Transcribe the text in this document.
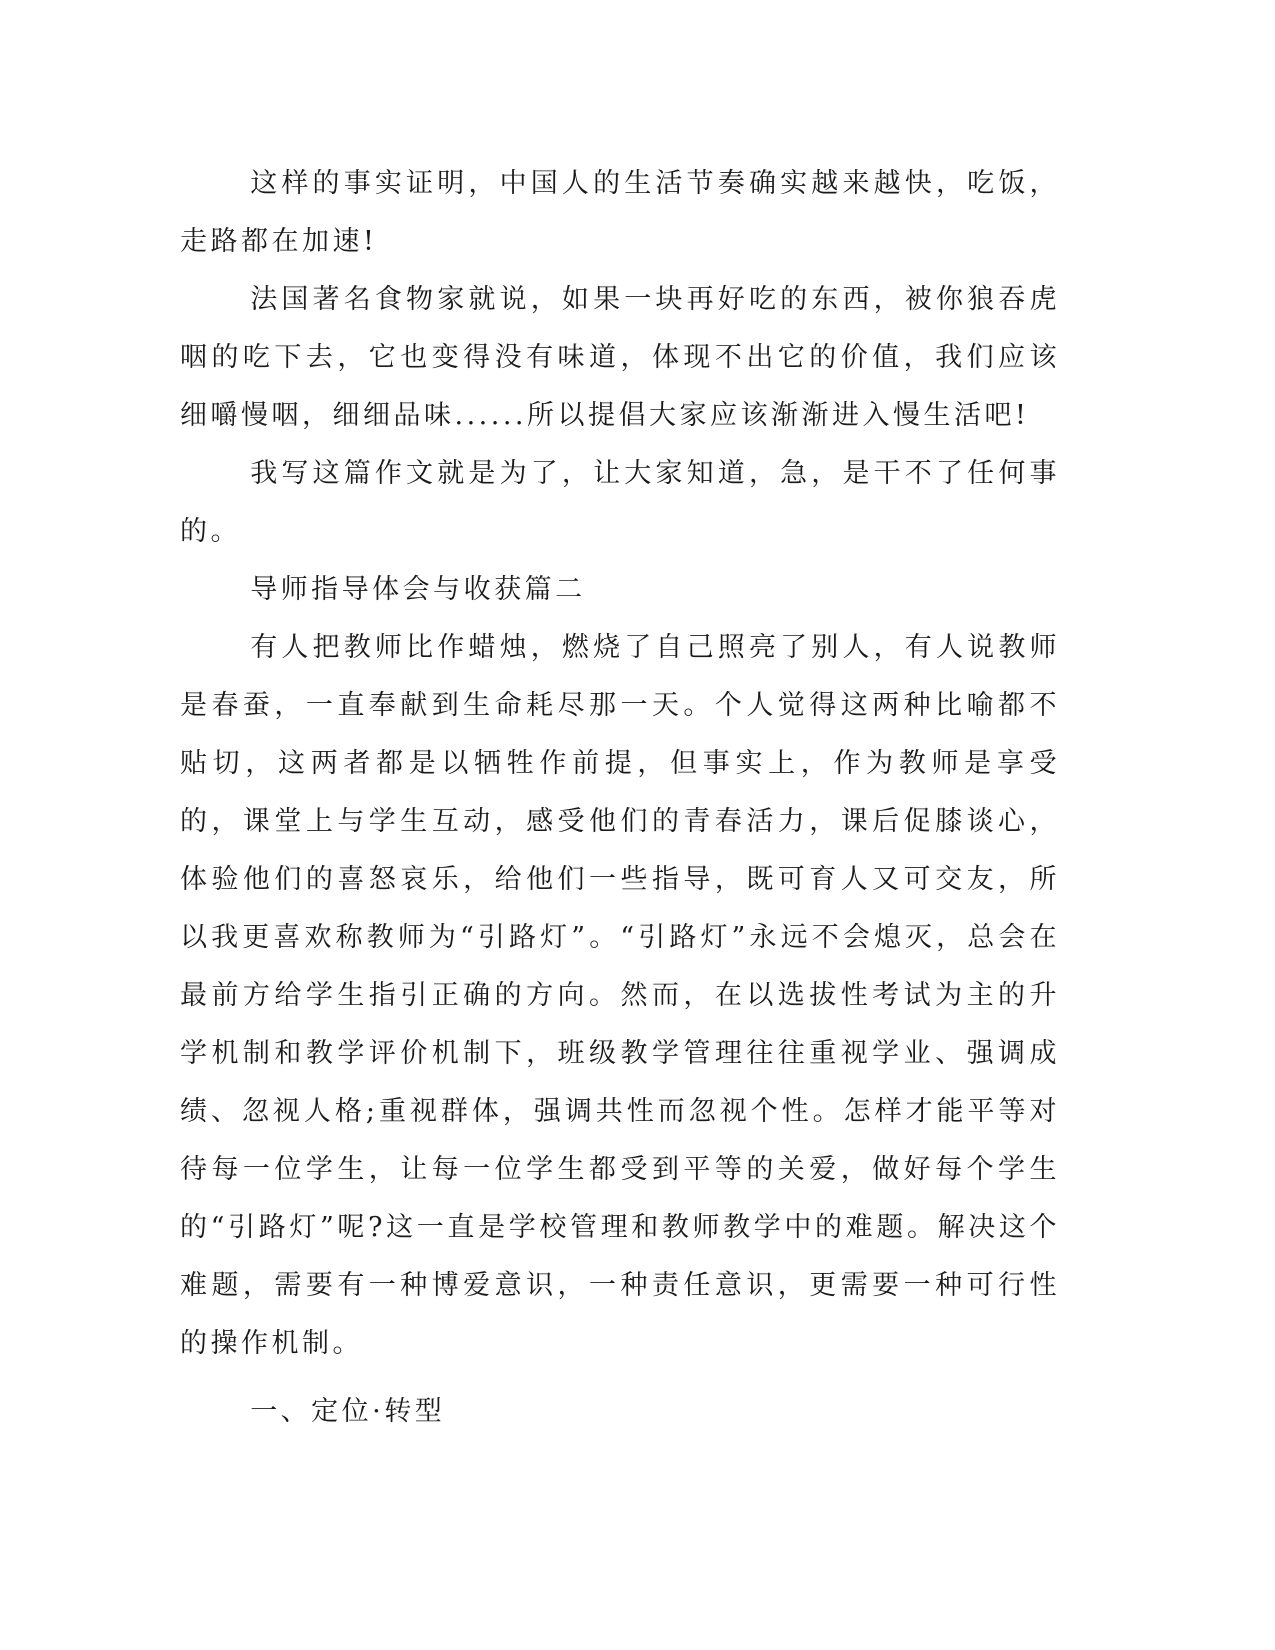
这样的事实证明，中国人的生活节奏确实越来越快，吃饭，走路都在加速!

法国著名食物家就说，如果一块再好吃的东西，被你狼吞虎咽的吃下去，它也变得没有味道，体现不出它的价值，我们应该细嚼慢咽，细细品味......所以提倡大家应该渐渐进入慢生活吧!

我写这篇作文就是为了，让大家知道，急，是干不了任何事的。

导师指导体会与收获篇二

有人把教师比作蜡烛，燃烧了自己照亮了别人，有人说教师是春蚕，一直奉献到生命耗尽那一天。个人觉得这两种比喻都不贴切，这两者都是以牺牲作前提，但事实上，作为教师是享受的，课堂上与学生互动，感受他们的青春活力，课后促膝谈心，体验他们的喜怒哀乐，给他们一些指导，既可育人又可交友，所以我更喜欢称教师为“引路灯”。“引路灯”永远不会熄灭，总会在最前方给学生指引正确的方向。然而，在以选拔性考试为主的升学机制和教学评价机制下，班级教学管理往往重视学业、强调成绩、忽视人格;重视群体，强调共性而忽视个性。怎样才能平等对待每一位学生，让每一位学生都受到平等的关爱，做好每个学生的“引路灯”呢?这一直是学校管理和教师教学中的难题。解决这个难题，需要有一种博爱意识，一种责任意识，更需要一种可行性的操作机制。

一、定位·转型
